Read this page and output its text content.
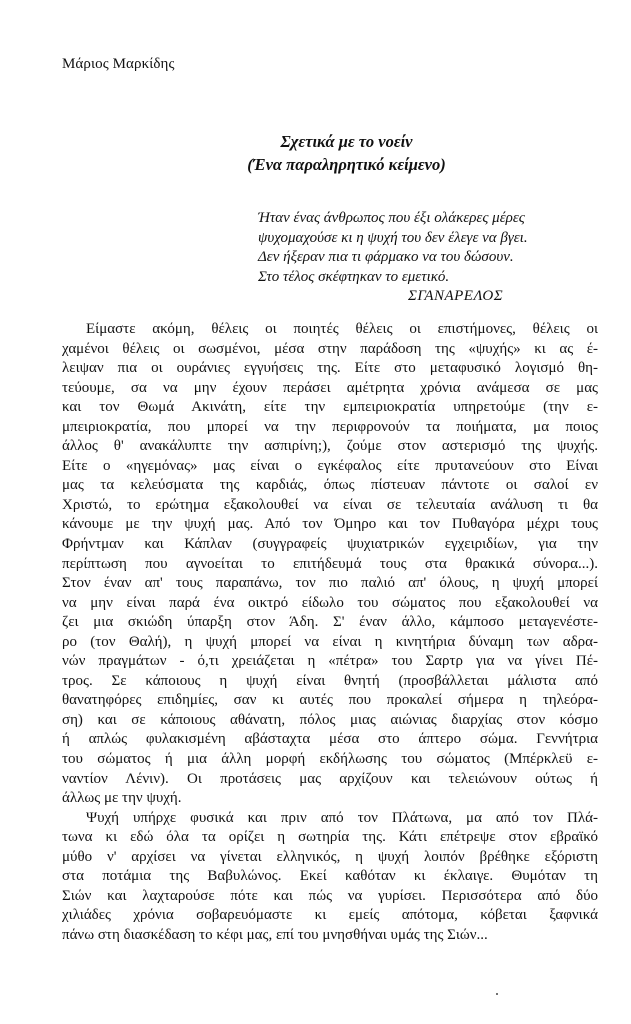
Μάριος Μαρκίδης
Σχετικά με το νοείν
(Ένα παραληρητικό κείμενο)
Ήταν ένας άνθρωπος που έξι ολάκερες μέρες
ψυχομαχούσε κι η ψυχή του δεν έλεγε να βγει.
Δεν ήξεραν πια τι φάρμακο να του δώσουν.
Στο τέλος σκέφτηκαν το εμετικό.
ΣΓΑΝΑΡΕΛΟΣ
Είμαστε ακόμη, θέλεις οι ποιητές θέλεις οι επιστήμονες, θέλεις οι
χαμένοι θέλεις οι σωσμένοι, μέσα στην παράδοση της «ψυχής» κι ας έ-
λειψαν πια οι ουράνιες εγγυήσεις της. Είτε στο μεταφυσικό λογισμό θη-
τεύουμε, σα να μην έχουν περάσει αμέτρητα χρόνια ανάμεσα σε μας
και τον Θωμά Ακινάτη, είτε την εμπειριοκρατία υπηρετούμε (την ε-
μπειριοκρατία, που μπορεί να την περιφρονούν τα ποιήματα, μα ποιος
άλλος θ' ανακάλυπτε την ασπιρίνη;), ζούμε στον αστερισμό της ψυχής.
Είτε ο «ηγεμόνας» μας είναι ο εγκέφαλος είτε πρυτανεύουν στο Είναι
μας τα κελεύσματα της καρδιάς, όπως πίστευαν πάντοτε οι σαλοί εν
Χριστώ, το ερώτημα εξακολουθεί να είναι σε τελευταία ανάλυση τι θα
κάνουμε με την ψυχή μας. Από τον Όμηρο και τον Πυθαγόρα μέχρι τους
Φρήντμαν και Κάπλαν (συγγραφείς ψυχιατρικών εγχειριδίων, για την
περίπτωση που αγνοείται το επιτήδευμά τους στα θρακικά σύνορα...).
Στον έναν απ' τους παραπάνω, τον πιο παλιό απ' όλους, η ψυχή μπορεί
να μην είναι παρά ένα οικτρό είδωλο του σώματος που εξακολουθεί να
ζει μια σκιώδη ύπαρξη στον Άδη. Σ' έναν άλλο, κάμποσο μεταγενέστε-
ρο (τον Θαλή), η ψυχή μπορεί να είναι η κινητήρια δύναμη των αδρα-
νών πραγμάτων - ό,τι χρειάζεται η «πέτρα» του Σαρτρ για να γίνει Πέ-
τρος. Σε κάποιους η ψυχή είναι θνητή (προσβάλλεται μάλιστα από
θανατηφόρες επιδημίες, σαν κι αυτές που προκαλεί σήμερα η τηλεόρα-
ση) και σε κάποιους αθάνατη, πόλος μιας αιώνιας διαρχίας στον κόσμο
ή απλώς φυλακισμένη αβάσταχτα μέσα στο άπτερο σώμα. Γεννήτρια
του σώματος ή μια άλλη μορφή εκδήλωσης του σώματος (Μπέρκλεϋ ε-
ναντίον Λένιν). Οι προτάσεις μας αρχίζουν και τελειώνουν ούτως ή
άλλως με την ψυχή.
Ψυχή υπήρχε φυσικά και πριν από τον Πλάτωνα, μα από τον Πλά-
τωνα κι εδώ όλα τα ορίζει η σωτηρία της. Κάτι επέτρεψε στον εβραϊκό
μύθο ν' αρχίσει να γίνεται ελληνικός, η ψυχή λοιπόν βρέθηκε εξόριστη
στα ποτάμια της Βαβυλώνος. Εκεί καθόταν κι έκλαιγε. Θυμόταν τη
Σιών και λαχταρούσε πότε και πώς να γυρίσει. Περισσότερα από δύο
χιλιάδες χρόνια σοβαρευόμαστε κι εμείς απότομα, κόβεται ξαφνικά
πάνω στη διασκέδαση το κέφι μας, επί του μνησθήναι υμάς της Σιών...
